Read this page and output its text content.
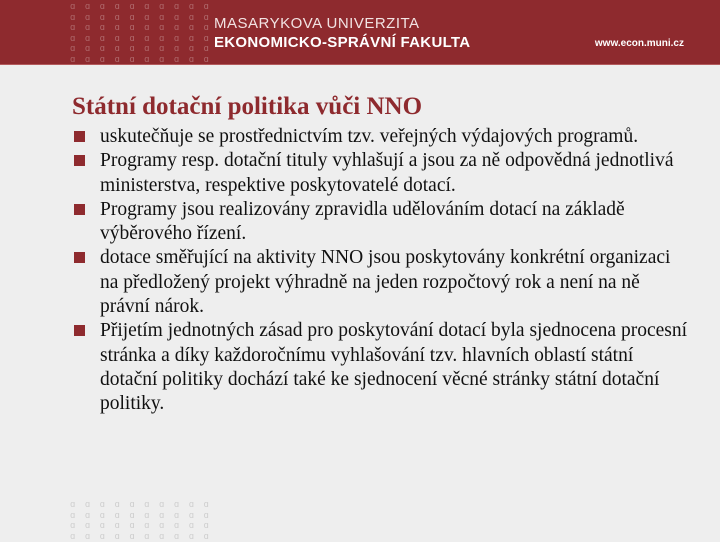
ɑ ɑ ɑ ɑ ɑ ɑ ɑ ɑ ɑ ɑ
ɑ ɑ ɑ ɑ ɑ ɑ ɑ ɑ ɑ ɑ
ɑ ɑ ɑ ɑ ɑ ɑ ɑ ɑ ɑ ɑ
ɑ ɑ ɑ ɑ ɑ ɑ ɑ ɑ ɑ ɑ
ɑ ɑ ɑ ɑ ɑ ɑ ɑ ɑ ɑ ɑ
ɑ ɑ ɑ ɑ ɑ ɑ ɑ ɑ ɑ ɑ
MASARYKOVA UNIVERZITA
EKONOMICKO-SPRÁVNÍ FAKULTA	www.econ.muni.cz
Státní dotační politika vůči NNO
uskutečňuje se prostřednictvím tzv. veřejných výdajových programů.
Programy resp. dotační tituly vyhlašují a jsou za ně odpovědná jednotlivá ministerstva, respektive poskytovatelé dotací.
Programy jsou realizovány zpravidla udělováním dotací na základě výběrového řízení.
dotace směřující na aktivity NNO jsou poskytovány konkrétní organizaci na předložený projekt výhradně na jeden rozpočtový rok a není na ně právní nárok.
Přijetím jednotných zásad pro poskytování dotací byla sjednocena procesní stránka a díky každoročnímu vyhlašování tzv. hlavních oblastí státní dotační politiky dochází také ke sjednocení věcné stránky státní dotační politiky.
ɑ ɑ ɑ ɑ ɑ ɑ ɑ ɑ ɑ ɑ
ɑ ɑ ɑ ɑ ɑ ɑ ɑ ɑ ɑ ɑ
ɑ ɑ ɑ ɑ ɑ ɑ ɑ ɑ ɑ ɑ
ɑ ɑ ɑ ɑ ɑ ɑ ɑ ɑ ɑ ɑ
